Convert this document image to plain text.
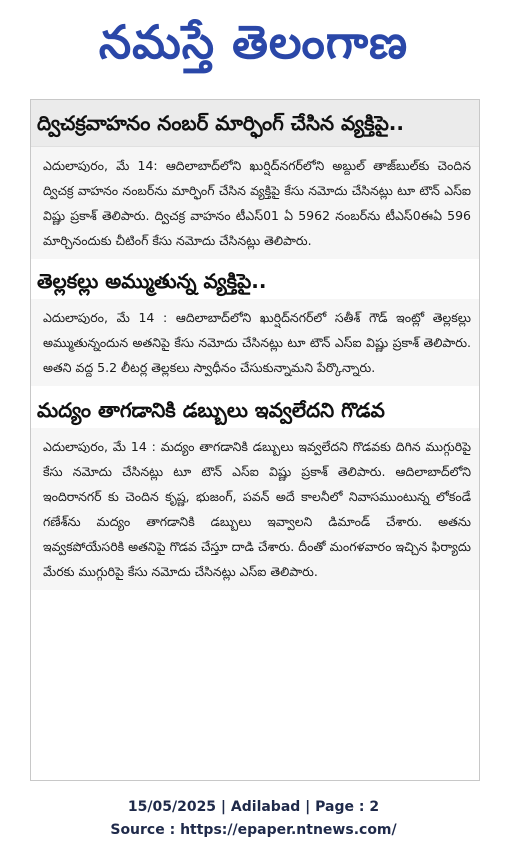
నమస్తే తెలంగాణ
ద్విచక్రవాహనం నంబర్ మార్ఫింగ్ చేసిన వ్యక్తిపై..
ఎదులాపురం, మే 14: ఆదిలాబాద్‌లోని ఖుర్షిద్‌నగర్‌లోని అబ్దుల్ తాజ్‌బుల్‌కు చెందిన ద్విచక్ర వాహనం నంబర్‌ను మార్ఫింగ్ చేసిన వ్యక్తిపై కేసు నమోదు చేసినట్లు టూ టౌన్ ఎస్‌ఐ విష్ణు ప్రకాశ్ తెలిపారు. ద్విచక్ర వాహనం టీఎస్01 ఏ 5962 నంబర్‌ను టీఎస్0ఈఏ 596 మార్చినందుకు చీటింగ్ కేసు నమోదు చేసినట్లు తెలిపారు.
తెల్లకల్లు అమ్ముతున్న వ్యక్తిపై..
ఎదులాపురం, మే 14 : ఆదిలాబాద్‌లోని ఖుర్షిద్‌నగర్‌లో సతీశ్ గౌడ్ ఇంట్లో తెల్లకల్లు అమ్ముతున్నందున అతనిపై కేసు నమోదు చేసినట్లు టూ టౌన్ ఎస్‌ఐ విష్ణు ప్రకాశ్ తెలిపారు. అతని వద్ద 5.2 లీటర్ల తెల్లకలు స్వాధీనం చేసుకున్నామని పేర్కొన్నారు.
మద్యం తాగడానికి డబ్బులు ఇవ్వలేదని గొడవ
ఎదులాపురం, మే 14 : మద్యం తాగడానికి డబ్బులు ఇవ్వలేదని గొడవకు దిగిన ముగ్గురిపై కేసు నమోదు చేసినట్లు టూ టౌన్ ఎస్‌ఐ విష్ణు ప్రకాశ్ తెలిపారు. ఆదిలాబాద్‌లోని ఇందిరానగర్ కు చెందిన కృష్ణ, భుజంగ్, పవన్ అదే కాలనీలో నివాసముంటున్న లోకండే గణేశ్‌ను మద్యం తాగడానికి డబ్బులు ఇవ్వాలని డిమాండ్ చేశారు. అతను ఇవ్వకపోయేసరికి అతనిపై గొడవ చేస్తూ దాడి చేశారు. దీంతో మంగళవారం ఇచ్చిన ఫిర్యాదు మేరకు ముగ్గురిపై కేసు నమోదు చేసినట్లు ఎస్‌ఐ తెలిపారు.
15/05/2025 | Adilabad | Page : 2
Source : https://epaper.ntnews.com/
